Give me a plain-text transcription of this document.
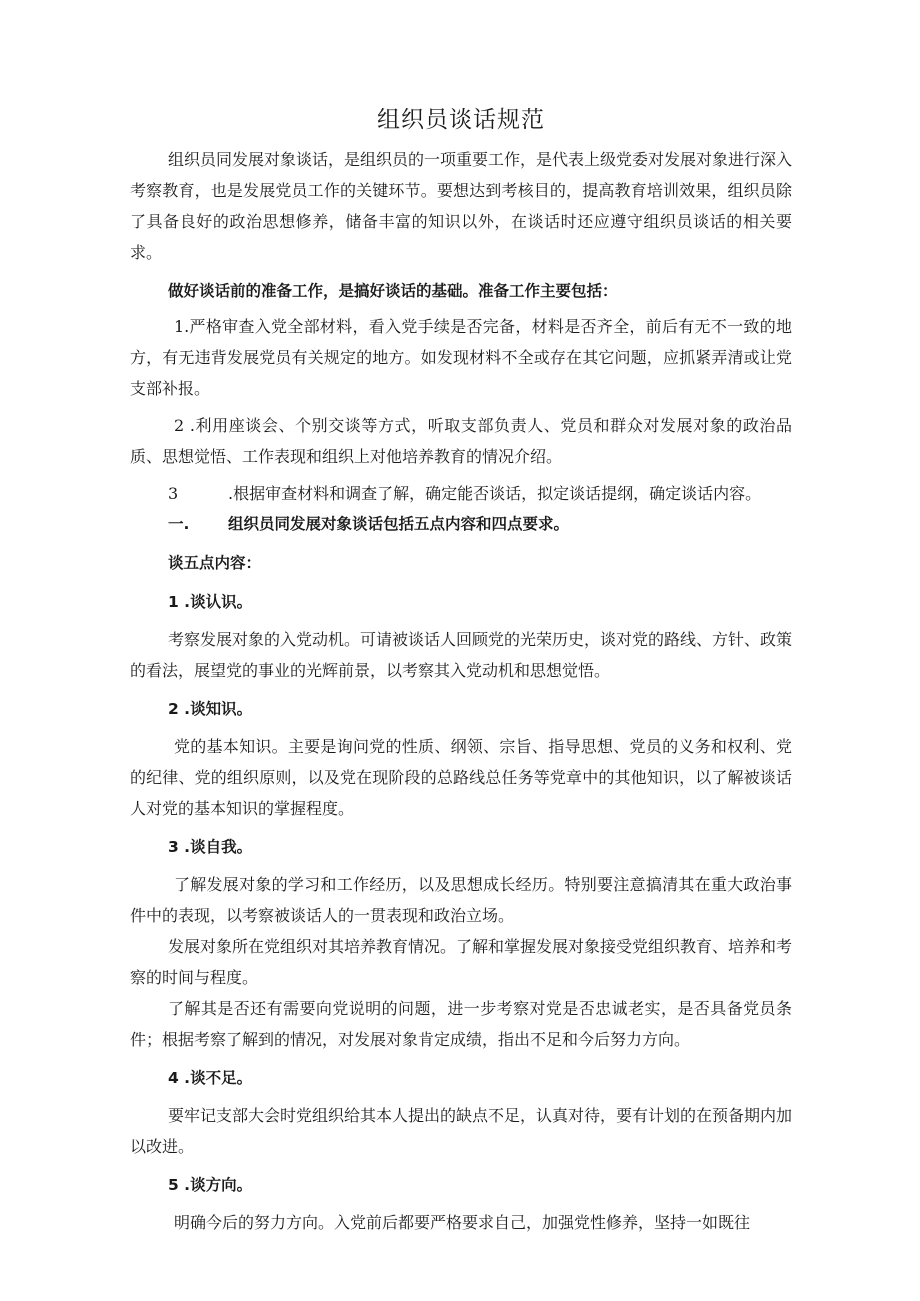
组织员谈话规范

组织员同发展对象谈话，是组织员的一项重要工作，是代表上级党委对发展对象进行深入考察教育，也是发展党员工作的关键环节。要想达到考核目的，提高教育培训效果，组织员除了具备良好的政治思想修养，储备丰富的知识以外，在谈话时还应遵守组织员谈话的相关要求。

做好谈话前的准备工作，是搞好谈话的基础。准备工作主要包括：

1.严格审查入党全部材料，看入党手续是否完备，材料是否齐全，前后有无不一致的地方，有无违背发展党员有关规定的地方。如发现材料不全或存在其它问题，应抓紧弄清或让党支部补报。

2 .利用座谈会、个别交谈等方式，听取支部负责人、党员和群众对发展对象的政治品质、思想觉悟、工作表现和组织上对他培养教育的情况介绍。

3	.根据审查材料和调查了解，确定能否谈话，拟定谈话提纲，确定谈话内容。

一. 组织员同发展对象谈话包括五点内容和四点要求。

谈五点内容：

1 .谈认识。

考察发展对象的入党动机。可请被谈话人回顾党的光荣历史，谈对党的路线、方针、政策的看法，展望党的事业的光辉前景，以考察其入党动机和思想觉悟。

2 .谈知识。

党的基本知识。主要是询问党的性质、纲领、宗旨、指导思想、党员的义务和权利、党的纪律、党的组织原则，以及党在现阶段的总路线总任务等党章中的其他知识，以了解被谈话人对党的基本知识的掌握程度。

3 .谈自我。

了解发展对象的学习和工作经历，以及思想成长经历。特别要注意搞清其在重大政治事件中的表现，以考察被谈话人的一贯表现和政治立场。

发展对象所在党组织对其培养教育情况。了解和掌握发展对象接受党组织教育、培养和考察的时间与程度。

了解其是否还有需要向党说明的问题，进一步考察对党是否忠诚老实，是否具备党员条件；根据考察了解到的情况，对发展对象肯定成绩，指出不足和今后努力方向。

4 .谈不足。

要牢记支部大会时党组织给其本人提出的缺点不足，认真对待，要有计划的在预备期内加以改进。

5 .谈方向。

明确今后的努力方向。入党前后都要严格要求自己，加强党性修养，坚持一如既往
